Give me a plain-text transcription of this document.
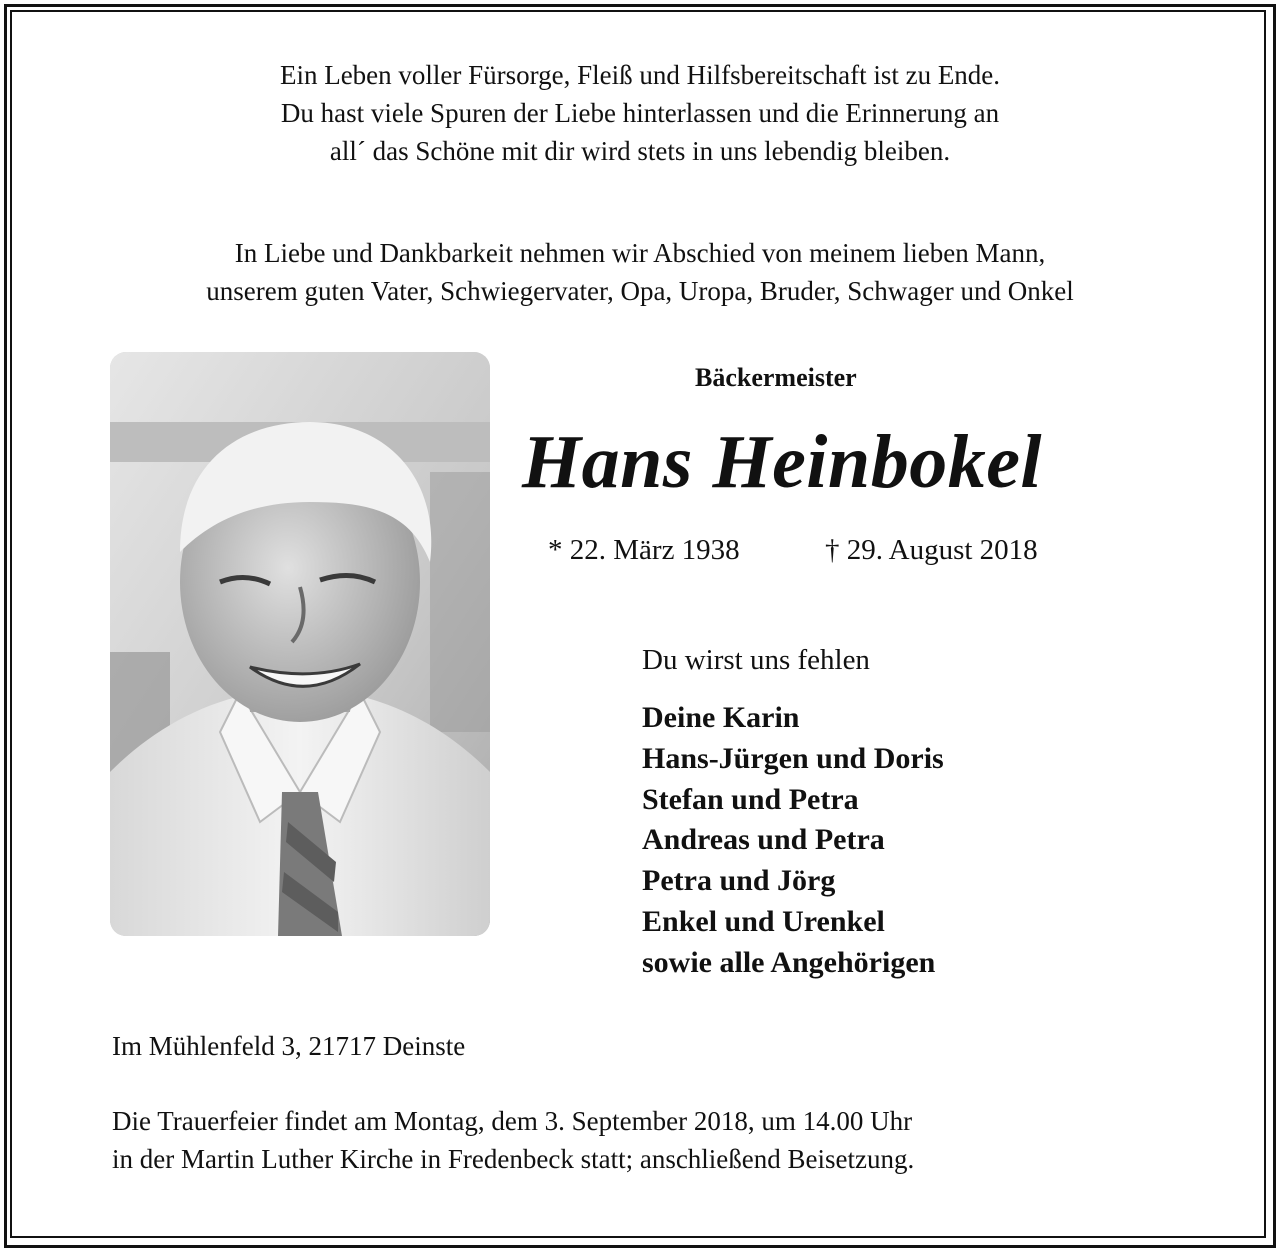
Ein Leben voller Fürsorge, Fleiß und Hilfsbereitschaft ist zu Ende.
Du hast viele Spuren der Liebe hinterlassen und die Erinnerung an
all´ das Schöne mit dir wird stets in uns lebendig bleiben.
In Liebe und Dankbarkeit nehmen wir Abschied von meinem lieben Mann,
unserem guten Vater, Schwiegervater, Opa, Uropa, Bruder, Schwager und Onkel
Bäckermeister
Hans Heinbokel
* 22. März 1938	† 29. August 2018
Du wirst uns fehlen
Deine Karin
Hans-Jürgen und Doris
Stefan und Petra
Andreas und Petra
Petra und Jörg
Enkel und Urenkel
sowie alle Angehörigen
Im Mühlenfeld 3, 21717 Deinste
Die Trauerfeier findet am Montag, dem 3. September 2018, um 14.00 Uhr
in der Martin Luther Kirche in Fredenbeck statt; anschließend Beisetzung.
